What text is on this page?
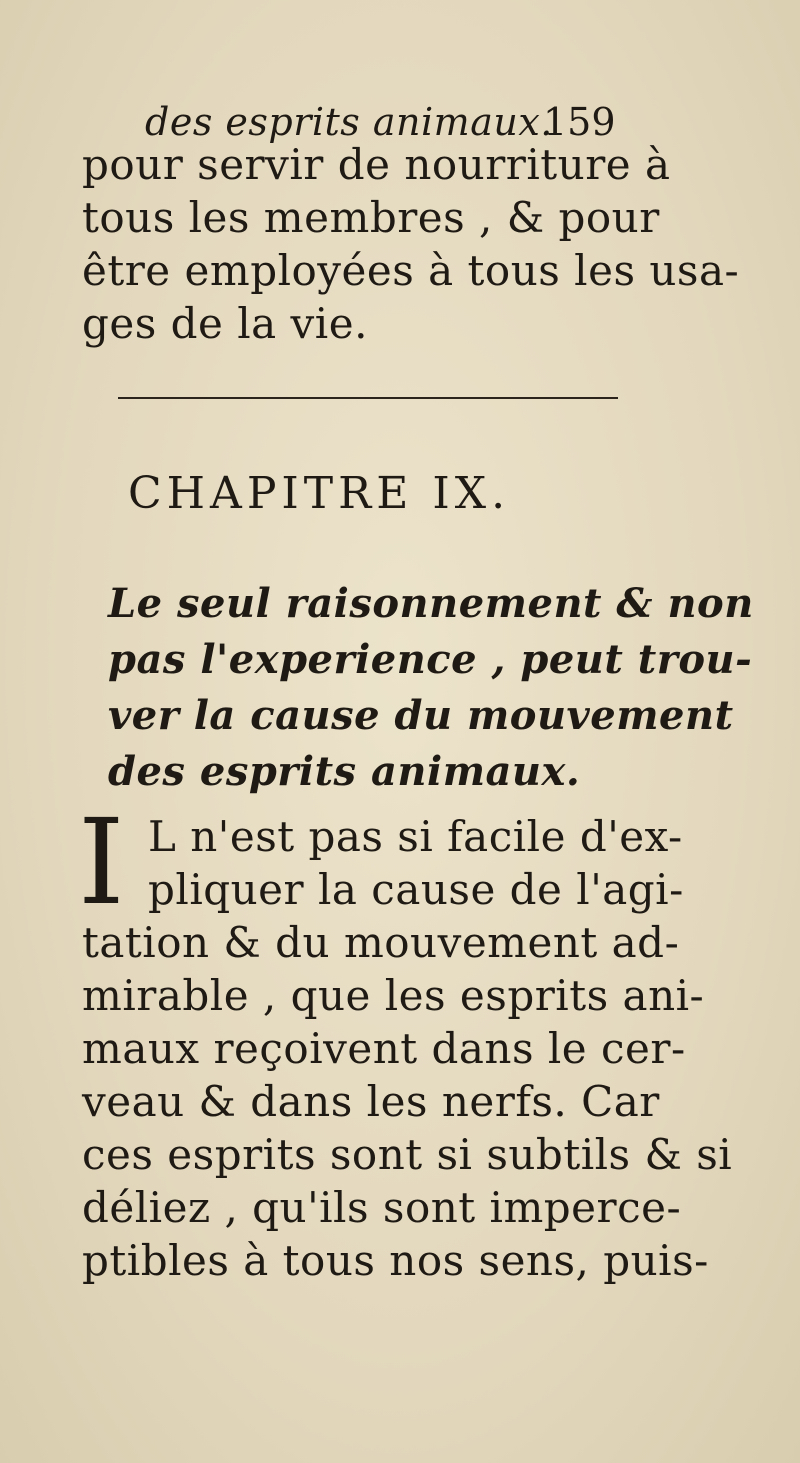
des esprits animaux.
159
pour servir de nourriture à
tous les membres , & pour
être employées à tous les usa-
ges de la vie.
CHAPITRE IX.
Le seul raisonnement & non
pas l'experience , peut trou-
ver la cause du mouvement
des esprits animaux.
I L n'est pas si facile d'ex-
pliquer la cause de l'agi-
tation & du mouvement ad-
mirable , que les esprits ani-
maux reçoivent dans le cer-
veau & dans les nerfs. Car
ces esprits sont si subtils & si
déliez , qu'ils sont imperce-
ptibles à tous nos sens, puis-
